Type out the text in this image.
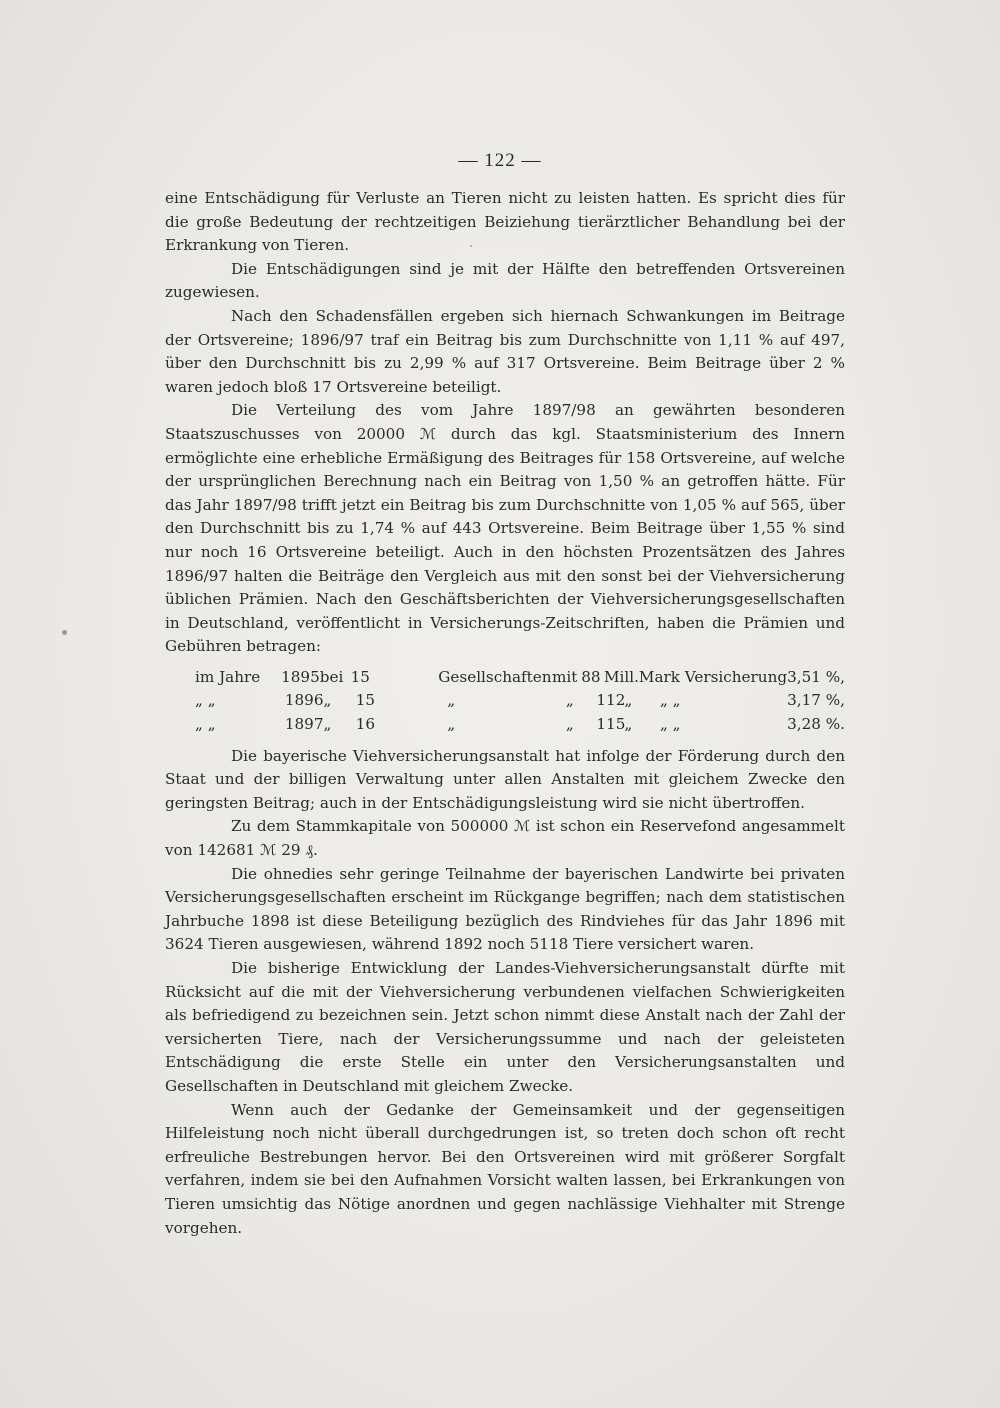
— 122 —

eine Entschädigung für Verluste an Tieren nicht zu leisten hatten. Es spricht dies für die große Bedeutung der rechtzeitigen Beiziehung tierärztlicher Behandlung bei der Erkrankung von Tieren.

Die Entschädigungen sind je mit der Hälfte den betreffenden Ortsvereinen zugewiesen.

Nach den Schadensfällen ergeben sich hiernach Schwankungen im Beitrage der Ortsvereine; 1896/97 traf ein Beitrag bis zum Durchschnitte von 1,11 % auf 497, über den Durchschnitt bis zu 2,99 % auf 317 Ortsvereine. Beim Beitrage über 2 % waren jedoch bloß 17 Ortsvereine beteiligt.

Die Verteilung des vom Jahre 1897/98 an gewährten besonderen Staatszuschusses von 20000 ℳ durch das kgl. Staatsministerium des Innern ermöglichte eine erhebliche Ermäßigung des Beitrages für 158 Ortsvereine, auf welche der ursprünglichen Berechnung nach ein Beitrag von 1,50 % an getroffen hätte. Für das Jahr 1897/98 trifft jetzt ein Beitrag bis zum Durchschnitte von 1,05 % auf 565, über den Durchschnitt bis zu 1,74 % auf 443 Ortsvereine. Beim Beitrage über 1,55 % sind nur noch 16 Ortsvereine beteiligt. Auch in den höchsten Prozentsätzen des Jahres 1896/97 halten die Beiträge den Vergleich aus mit den sonst bei der Viehversicherung üblichen Prämien. Nach den Geschäftsberichten der Viehversicherungsgesellschaften in Deutschland, veröffentlicht in Versicherungs-Zeitschriften, haben die Prämien und Gebühren betragen:

im Jahre	1895 bei 15	Gesellschaften mit 88 Mill. Mark Versicherung 3,51 %,
„ „	1896 „	15	„	„	112 „	„ „	3,17 %,
„ „	1897 „	16	„	„	115 „	„ „	3,28 %.

Die bayerische Viehversicherungsanstalt hat infolge der Förderung durch den Staat und der billigen Verwaltung unter allen Anstalten mit gleichem Zwecke den geringsten Beitrag; auch in der Entschädigungsleistung wird sie nicht übertroffen.

Zu dem Stammkapitale von 500000 ℳ ist schon ein Reservefond angesammelt von 142681 ℳ 29 ₰.

Die ohnedies sehr geringe Teilnahme der bayerischen Landwirte bei privaten Versicherungsgesellschaften erscheint im Rückgange begriffen; nach dem statistischen Jahrbuche 1898 ist diese Beteiligung bezüglich des Rindviehes für das Jahr 1896 mit 3624 Tieren ausgewiesen, während 1892 noch 5118 Tiere versichert waren.

Die bisherige Entwicklung der Landes-Viehversicherungsanstalt dürfte mit Rücksicht auf die mit der Viehversicherung verbundenen vielfachen Schwierigkeiten als befriedigend zu bezeichnen sein. Jetzt schon nimmt diese Anstalt nach der Zahl der versicherten Tiere, nach der Versicherungssumme und nach der geleisteten Entschädigung die erste Stelle ein unter den Versicherungsanstalten und Gesellschaften in Deutschland mit gleichem Zwecke.

Wenn auch der Gedanke der Gemeinsamkeit und der gegenseitigen Hilfeleistung noch nicht überall durchgedrungen ist, so treten doch schon oft recht erfreuliche Bestrebungen hervor. Bei den Ortsvereinen wird mit größerer Sorgfalt verfahren, indem sie bei den Aufnahmen Vorsicht walten lassen, bei Erkrankungen von Tieren umsichtig das Nötige anordnen und gegen nachlässige Viehhalter mit Strenge vorgehen.
